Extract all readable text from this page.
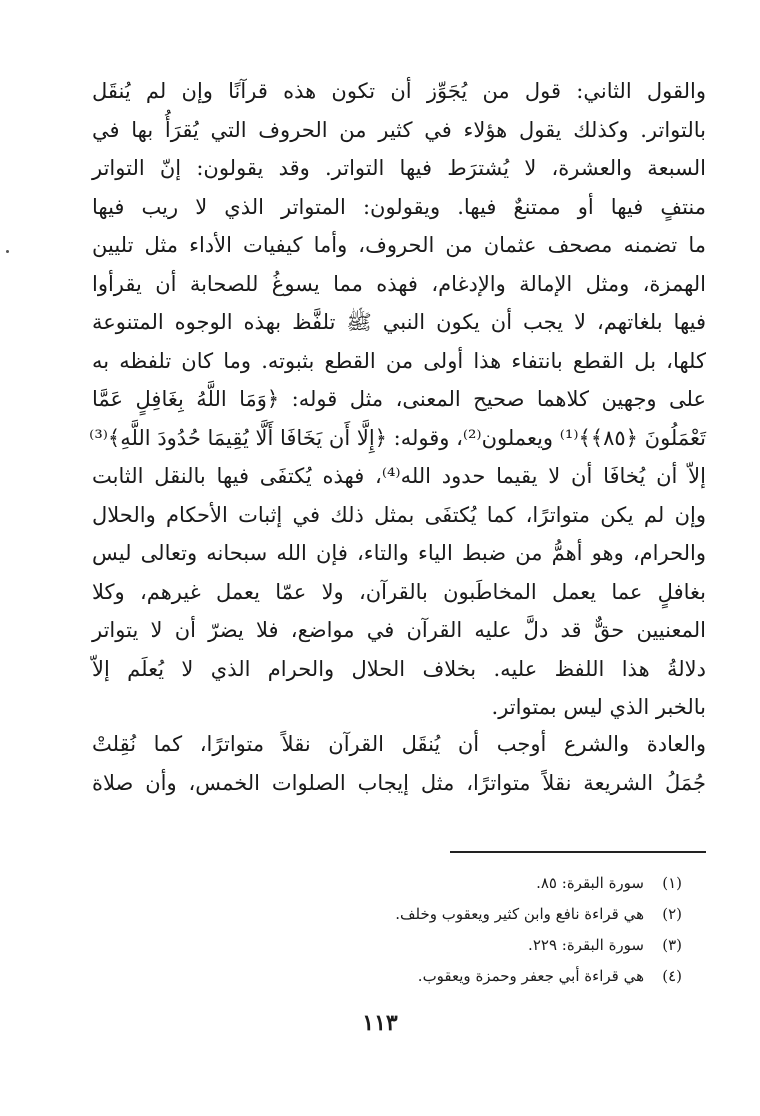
والقول الثاني: قول من يُجَوِّز أن تكون هذه قرآنًا وإن لم يُنقَل
بالتواتر. وكذلك يقول هؤلاء في كثير من الحروف التي يُقرَأُ بها في
السبعة والعشرة، لا يُشترَط فيها التواتر. وقد يقولون: إنّ التواتر
منتفٍ فيها أو ممتنعٌ فيها. ويقولون: المتواتر الذي لا ريب فيها
ما تضمنه مصحف عثمان من الحروف، وأما كيفيات الأداء مثل تليين
الهمزة، ومثل الإمالة والإدغام، فهذه مما يسوغُ للصحابة أن يقرأوا
فيها بلغاتهم، لا يجب أن يكون النبي ﷺ تلفَّظ بهذه الوجوه المتنوعة
كلها، بل القطع بانتفاء هذا أولى من القطع بثبوته. وما كان تلفظه به
على وجهين كلاهما صحيح المعنى، مثل قوله: ﴿وَمَا اللَّهُ بِغَافِلٍ عَمَّا
تَعْمَلُونَ ﴿٨٥﴾﴾⁽¹⁾ ويعملون⁽²⁾، وقوله: ﴿إِلَّا أَن يَخَافَا أَلَّا يُقِيمَا حُدُودَ اللَّهِ﴾⁽³⁾
إلاّ أن يُخافَا أن لا يقيما حدود الله⁽⁴⁾، فهذه يُكتفَى فيها بالنقل الثابت
وإن لم يكن متواترًا، كما يُكتفَى بمثل ذلك في إثبات الأحكام والحلال
والحرام، وهو أهمُّ من ضبط الياء والتاء، فإن الله سبحانه وتعالى ليس
بغافلٍ عما يعمل المخاطَبون بالقرآن، ولا عمّا يعمل غيرهم، وكلا
المعنيين حقٌّ قد دلَّ عليه القرآن في مواضع، فلا يضرّ أن لا يتواتر
دلالةُ هذا اللفظ عليه. بخلاف الحلال والحرام الذي لا يُعلَم إلاّ
بالخبر الذي ليس بمتواتر.
والعادة والشرع أوجب أن يُنقَل القرآن نقلاً متواترًا، كما نُقِلتْ
جُمَلُ الشريعة نقلاً متواترًا، مثل إيجاب الصلوات الخمس، وأن صلاة
(١)سورة البقرة: ٨٥.
(٢)هي قراءة نافع وابن كثير ويعقوب وخلف.
(٣)سورة البقرة: ٢٢٩.
(٤)هي قراءة أبي جعفر وحمزة ويعقوب.
١١٣
